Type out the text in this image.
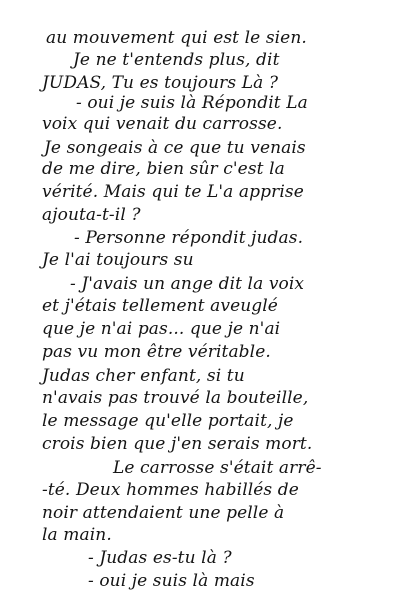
au mouvement qui est le sien.
Je ne t'entends plus, dit
JUDAS, Tu es toujours Là ?
- oui je suis là Répondit La
voix qui venait du carrosse.
Je songeais à ce que tu venais
de me dire, bien sûr c'est la
vérité. Mais qui te L'a apprise
ajouta-t-il ?
- Personne répondit judas.
Je l'ai toujours su
- J'avais un ange dit la voix
et j'étais tellement aveuglé
que je n'ai pas... que je n'ai
pas vu mon être véritable.
Judas cher enfant, si tu
n'avais pas trouvé la bouteille,
le message qu'elle portait, je
crois bien que j'en serais mort.
Le carrosse s'était arrê-
-té. Deux hommes habillés de
noir attendaient une pelle à
la main.
- Judas es-tu là ?
- oui je suis là mais
